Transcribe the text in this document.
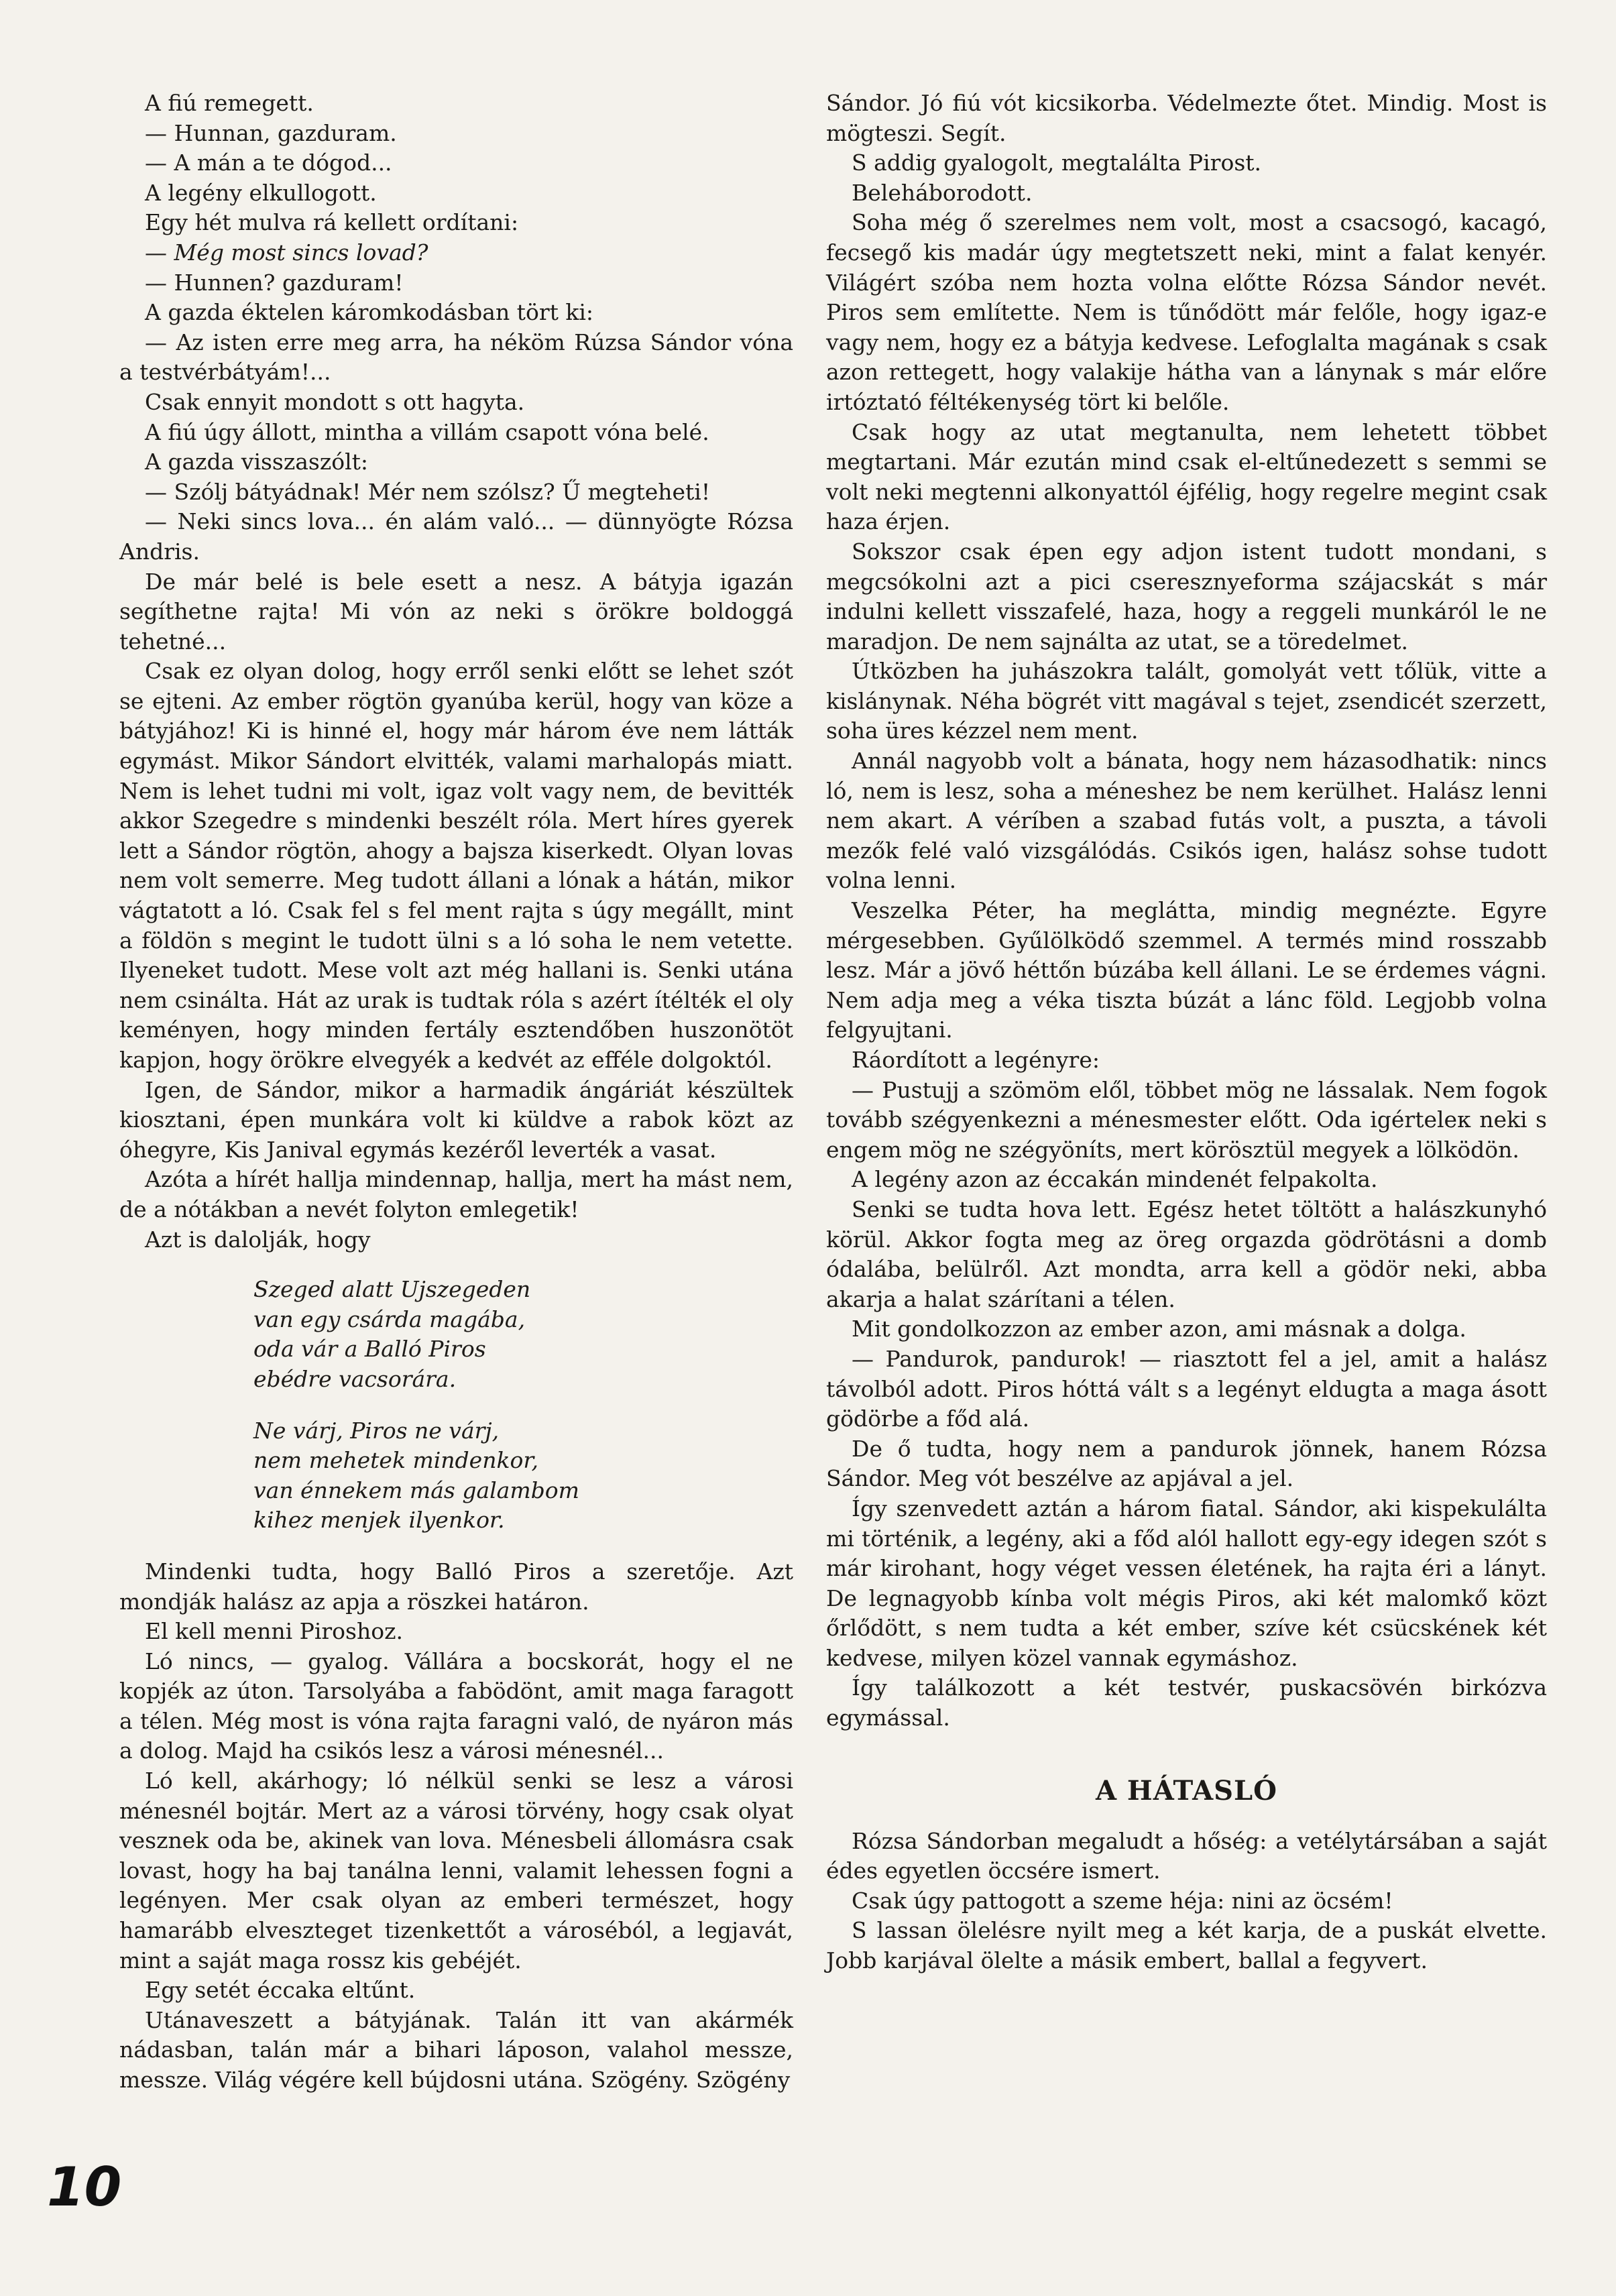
A fiú remegett.

— Hunnan, gazduram.

— A mán a te dógod...

A legény elkullogott.

Egy hét mulva rá kellett ordítani:

— Még most sincs lovad?

— Hunnen? gazduram!

A gazda éktelen káromkodásban tört ki:

— Az isten erre meg arra, ha néköm Rúzsa Sándor vóna a testvérbátyám!...

Csak ennyit mondott s ott hagyta.

A fiú úgy állott, mintha a villám csapott vóna belé.

A gazda visszaszólt:

— Szólj bátyádnak! Mér nem szólsz? Ű megteheti!

— Neki sincs lova... én alám való... — dünnyögte Rózsa Andris.

De már belé is bele esett a nesz. A bátyja igazán segíthetne rajta! Mi vón az neki s örökre boldoggá tehetné...

Csak ez olyan dolog, hogy erről senki előtt se lehet szót se ejteni. Az ember rögtön gyanúba kerül, hogy van köze a bátyjához! Ki is hinné el, hogy már három éve nem látták egymást. Mikor Sándort elvitték, valami marhalopás miatt. Nem is lehet tudni mi volt, igaz volt vagy nem, de bevitték akkor Szegedre s mindenki beszélt róla. Mert híres gyerek lett a Sándor rögtön, ahogy a bajsza kiserkedt. Olyan lovas nem volt semerre. Meg tudott állani a lónak a hátán, mikor vágtatott a ló. Csak fel s fel ment rajta s úgy megállt, mint a földön s megint le tudott ülni s a ló soha le nem vetette. Ilyeneket tudott. Mese volt azt még hallani is. Senki utána nem csinálta. Hát az urak is tudtak róla s azért ítélték el oly keményen, hogy minden fertály esztendőben huszonötöt kapjon, hogy örökre elvegyék a kedvét az efféle dolgoktól.

Igen, de Sándor, mikor a harmadik ángáriát készültek kiosztani, épen munkára volt ki küldve a rabok közt az óhegyre, Kis Janival egymás kezéről leverték a vasat.

Azóta a hírét hallja mindennap, hallja, mert ha mást nem, de a nótákban a nevét folyton emlegetik!

Azt is dalolják, hogy

Szeged alatt Ujszegeden
van egy csárda magába,
oda vár a Balló Piros
ebédre vacsorára.
Ne várj, Piros ne várj,
nem mehetek mindenkor,
van énnekem más galambom
kihez menjek ilyenkor.

Mindenki tudta, hogy Balló Piros a szeretője. Azt mondják halász az apja a röszkei határon.

El kell menni Piroshoz.

Ló nincs, — gyalog. Vállára a bocskorát, hogy el ne kopjék az úton. Tarsolyába a fabödönt, amit maga faragott a télen. Még most is vóna rajta faragni való, de nyáron más a dolog. Majd ha csikós lesz a városi ménesnél...

Ló kell, akárhogy; ló nélkül senki se lesz a városi ménesnél bojtár. Mert az a városi törvény, hogy csak olyat vesznek oda be, akinek van lova. Ménesbeli állomásra csak lovast, hogy ha baj tanálna lenni, valamit lehessen fogni a legényen. Mer csak olyan az emberi természet, hogy hamarább elveszteget tizenkettőt a városéból, a legjavát, mint a saját maga rossz kis gebéjét.

Egy setét éccaka eltűnt.

Utánaveszett a bátyjának. Talán itt van akármék nádasban, talán már a bihari láposon, valahol messze, messze. Világ végére kell bújdosni utána. Szögény. Szögény

Sándor. Jó fiú vót kicsikorba. Védelmezte őtet. Mindig. Most is mögteszi. Segít.

S addig gyalogolt, megtalálta Pirost.

Beleháborodott.

Soha még ő szerelmes nem volt, most a csacsogó, kacagó, fecsegő kis madár úgy megtetszett neki, mint a falat kenyér. Világért szóba nem hozta volna előtte Rózsa Sándor nevét. Piros sem említette. Nem is tűnődött már felőle, hogy igaz-e vagy nem, hogy ez a bátyja kedvese. Lefoglalta magának s csak azon rettegett, hogy valakije hátha van a lánynak s már előre irtóztató féltékenység tört ki belőle.

Csak hogy az utat megtanulta, nem lehetett többet megtartani. Már ezután mind csak el-eltűnedezett s semmi se volt neki megtenni alkonyattól éjfélig, hogy regelre megint csak haza érjen.

Sokszor csak épen egy adjon istent tudott mondani, s megcsókolni azt a pici cseresznyeforma szájacskát s már indulni kellett visszafelé, haza, hogy a reggeli munkáról le ne maradjon. De nem sajnálta az utat, se a töredelmet.

Útközben ha juhászokra talált, gomolyát vett tőlük, vitte a kislánynak. Néha bögrét vitt magával s tejet, zsendicét szerzett, soha üres kézzel nem ment.

Annál nagyobb volt a bánata, hogy nem házasodhatik: nincs ló, nem is lesz, soha a méneshez be nem kerülhet. Halász lenni nem akart. A véríben a szabad futás volt, a puszta, a távoli mezők felé való vizsgálódás. Csikós igen, halász sohse tudott volna lenni.

Veszelka Péter, ha meglátta, mindig megnézte. Egyre mérgesebben. Gyűlölködő szemmel. A termés mind rosszabb lesz. Már a jövő héttőn búzába kell állani. Le se érdemes vágni. Nem adja meg a véka tiszta búzát a lánc föld. Legjobb volna felgyujtani.

Ráordított a legényre:

— Pustujj a szömöm elől, többet mög ne lássalak. Nem fogok tovább szégyenkezni a ménesmester előtt. Oda igérteleк neki s engem mög ne szégyöníts, mert körösztül megyek a lölködön.

A legény azon az éccakán mindenét felpakolta.

Senki se tudta hova lett. Egész hetet töltött a halászkunyhó körül. Akkor fogta meg az öreg orgazda gödrötásni a domb ódalába, belülről. Azt mondta, arra kell a gödör neki, abba akarja a halat szárítani a télen.

Mit gondolkozzon az ember azon, ami másnak a dolga.

— Pandurok, pandurok! — riasztott fel a jel, amit a halász távolból adott. Piros hóttá vált s a legényt eldugta a maga ásott gödörbe a főd alá.

De ő tudta, hogy nem a pandurok jönnek, hanem Rózsa Sándor. Meg vót beszélve az apjával a jel.

Így szenvedett aztán a három fiatal. Sándor, aki kispekulálta mi történik, a legény, aki a főd alól hallott egy-egy idegen szót s már kirohant, hogy véget vessen életének, ha rajta éri a lányt. De legnagyobb kínba volt mégis Piros, aki két malomkő közt őrlődött, s nem tudta a két ember, szíve két csücskének két kedvese, milyen közel vannak egymáshoz.

Így találkozott a két testvér, puskacsövén birkózva egymással.

A HÁTASLÓ

Rózsa Sándorban megaludt a hőség: a vetélytársában a saját édes egyetlen öccsére ismert.

Csak úgy pattogott a szeme héja: nini az öcsém!

S lassan ölelésre nyilt meg a két karja, de a puskát elvette. Jobb karjával ölelte a másik embert, ballal a fegyvert.

10
